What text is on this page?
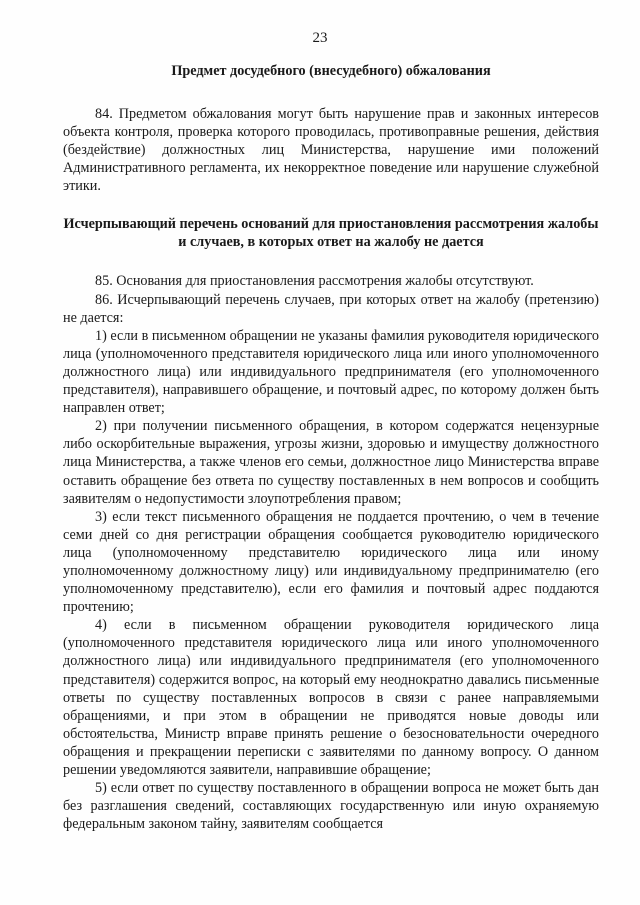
23
Предмет досудебного (внесудебного) обжалования

84. Предметом обжалования могут быть нарушение прав и законных интересов объекта контроля, проверка которого проводилась, противоправные решения, действия (бездействие) должностных лиц Министерства, нарушение ими положений Административного регламента, их некорректное поведение или нарушение служебной этики.

Исчерпывающий перечень оснований для приостановления рассмотрения жалобы и случаев, в которых ответ на жалобу не дается

85. Основания для приостановления рассмотрения жалобы отсутствуют.

86. Исчерпывающий перечень случаев, при которых ответ на жалобу (претензию) не дается:

1) если в письменном обращении не указаны фамилия руководителя юридического лица (уполномоченного представителя юридического лица или иного уполномоченного должностного лица) или индивидуального предпринимателя (его уполномоченного представителя), направившего обращение, и почтовый адрес, по которому должен быть направлен ответ;

2) при получении письменного обращения, в котором содержатся нецензурные либо оскорбительные выражения, угрозы жизни, здоровью и имуществу должностного лица Министерства, а также членов его семьи, должностное лицо Министерства вправе оставить обращение без ответа по существу поставленных в нем вопросов и сообщить заявителям о недопустимости злоупотребления правом;

3) если текст письменного обращения не поддается прочтению, о чем в течение семи дней со дня регистрации обращения сообщается руководителю юридического лица (уполномоченному представителю юридического лица или иному уполномоченному должностному лицу) или индивидуальному предпринимателю (его уполномоченному представителю), если его фамилия и почтовый адрес поддаются прочтению;

4) если в письменном обращении руководителя юридического лица (уполномоченного представителя юридического лица или иного уполномоченного должностного лица) или индивидуального предпринимателя (его уполномоченного представителя) содержится вопрос, на который ему неоднократно давались письменные ответы по существу поставленных вопросов в связи с ранее направляемыми обращениями, и при этом в обращении не приводятся новые доводы или обстоятельства, Министр вправе принять решение о безосновательности очередного обращения и прекращении переписки с заявителями по данному вопросу. О данном решении уведомляются заявители, направившие обращение;

5) если ответ по существу поставленного в обращении вопроса не может быть дан без разглашения сведений, составляющих государственную или иную охраняемую федеральным законом тайну, заявителям сообщается
